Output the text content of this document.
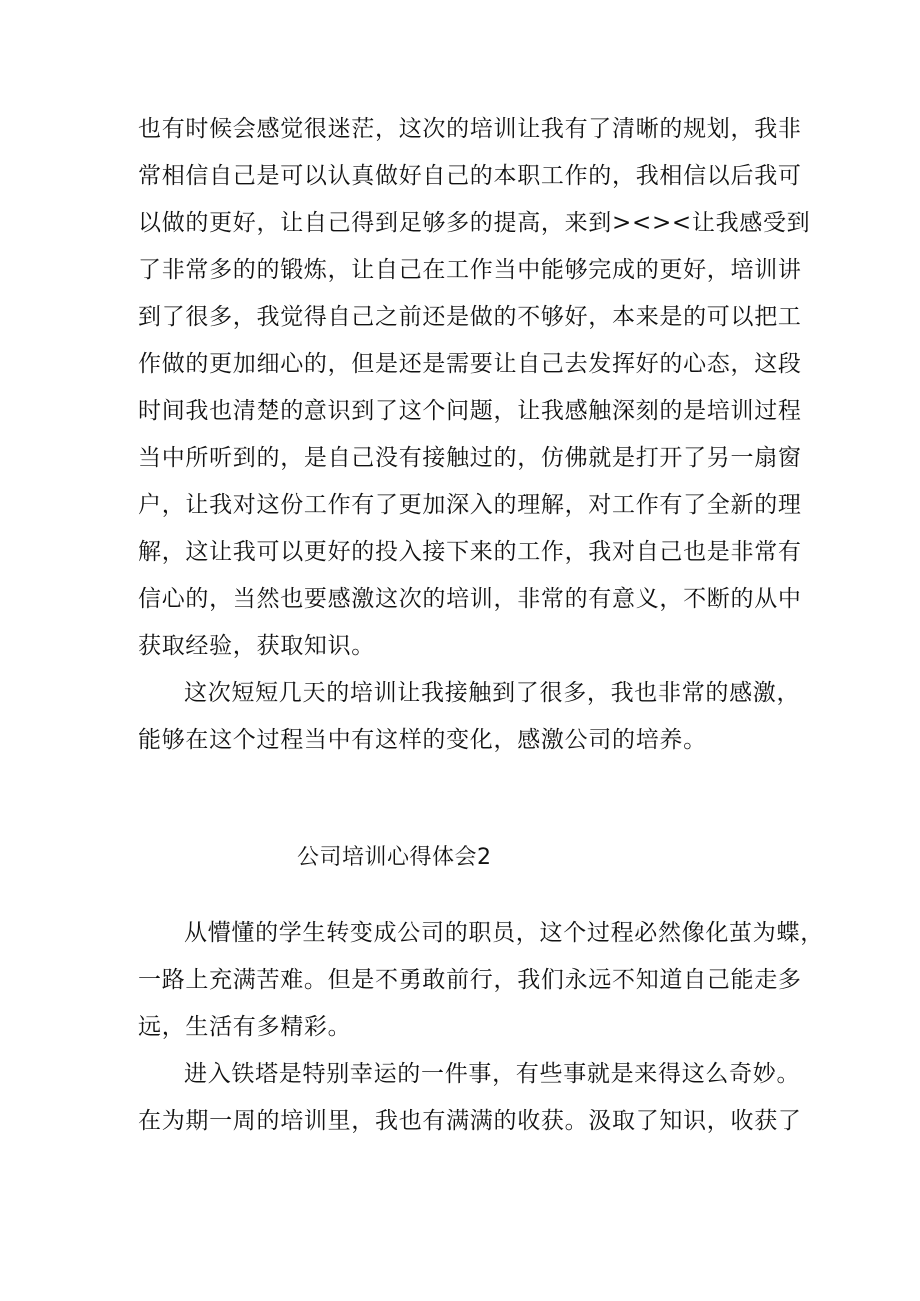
也有时候会感觉很迷茫，这次的培训让我有了清晰的规划，我非
常相信自己是可以认真做好自己的本职工作的，我相信以后我可
以做的更好，让自己得到足够多的提高，来到><><让我感受到
了非常多的的锻炼，让自己在工作当中能够完成的更好，培训讲
到了很多，我觉得自己之前还是做的不够好，本来是的可以把工
作做的更加细心的，但是还是需要让自己去发挥好的心态，这段
时间我也清楚的意识到了这个问题，让我感触深刻的是培训过程
当中所听到的，是自己没有接触过的，仿佛就是打开了另一扇窗
户，让我对这份工作有了更加深入的理解，对工作有了全新的理
解，这让我可以更好的投入接下来的工作，我对自己也是非常有
信心的，当然也要感激这次的培训，非常的有意义，不断的从中
获取经验，获取知识。

这次短短几天的培训让我接触到了很多，我也非常的感激，
能够在这个过程当中有这样的变化，感激公司的培养。

公司培训心得体会2

从懵懂的学生转变成公司的职员，这个过程必然像化茧为蝶，
一路上充满苦难。但是不勇敢前行，我们永远不知道自己能走多
远，生活有多精彩。

进入铁塔是特别幸运的一件事，有些事就是来得这么奇妙。
在为期一周的培训里，我也有满满的收获。汲取了知识，收获了
